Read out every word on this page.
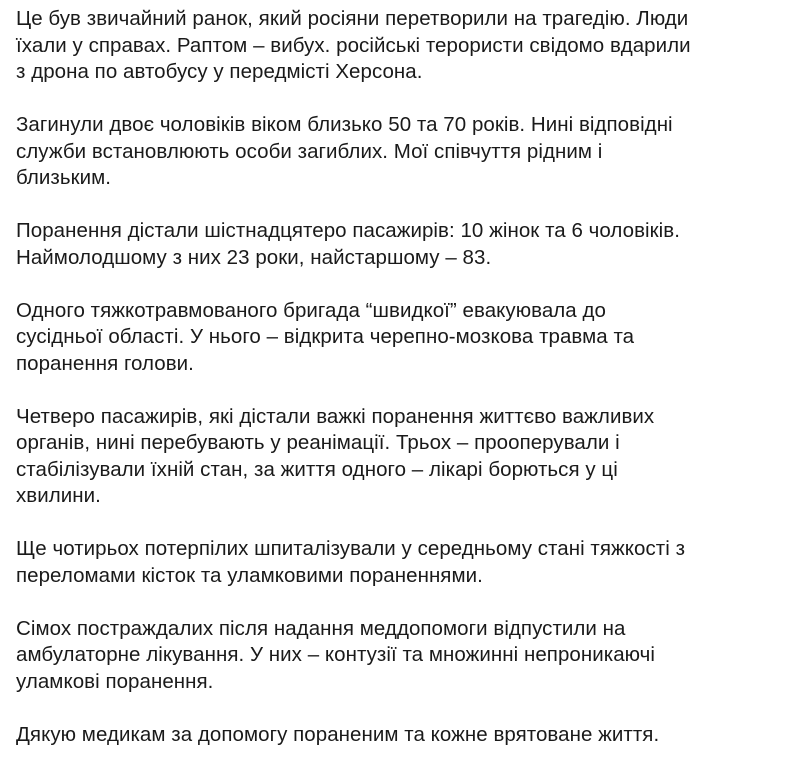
Це був звичайний ранок, який росіяни перетворили на трагедію. Люди
їхали у справах. Раптом – вибух. російські терористи свідомо вдарили
з дрона по автобусу у передмісті Херсона.

Загинули двоє чоловіків віком близько 50 та 70 років. Нині відповідні
служби встановлюють особи загиблих. Мої співчуття рідним і
близьким.

Поранення дістали шістнадцятеро пасажирів: 10 жінок та 6 чоловіків.
Наймолодшому з них 23 роки, найстаршому – 83.

Одного тяжкотравмованого бригада “швидкої” евакуювала до
сусідньої області. У нього – відкрита черепно-мозкова травма та
поранення голови.

Четверо пасажирів, які дістали важкі поранення життєво важливих
органів, нині перебувають у реанімації. Трьох – прооперували і
стабілізували їхній стан, за життя одного – лікарі борються у ці
хвилини.

Ще чотирьох потерпілих шпиталізували у середньому стані тяжкості з
переломами кісток та уламковими пораненнями.

Сімох постраждалих після надання меддопомоги відпустили на
амбулаторне лікування. У них – контузії та множинні непроникаючі
уламкові поранення.

Дякую медикам за допомогу пораненим та кожне врятоване життя.
